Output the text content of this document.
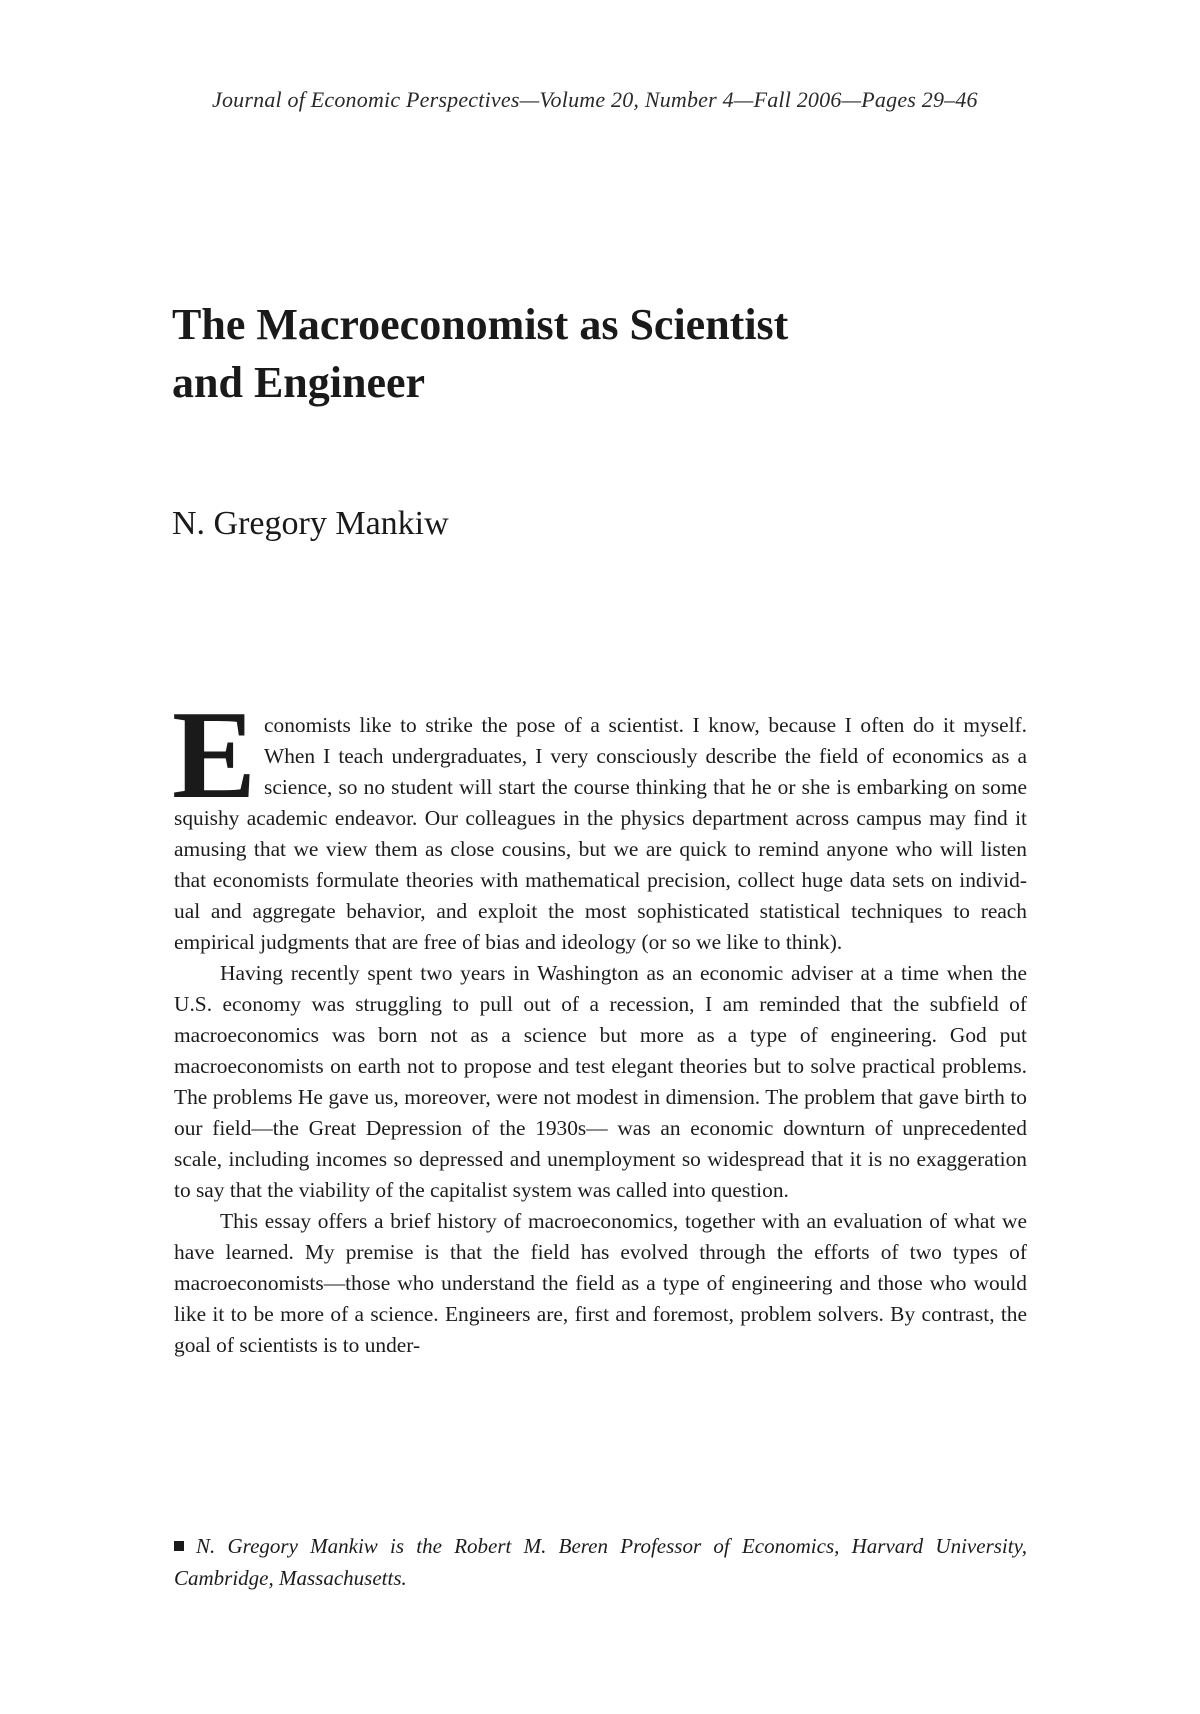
Journal of Economic Perspectives—Volume 20, Number 4—Fall 2006—Pages 29–46
The Macroeconomist as Scientist
and Engineer
N. Gregory Mankiw

Economists like to strike the pose of a scientist. I know, because I often do it myself. When I teach undergraduates, I very consciously describe the field of economics as a science, so no student will start the course thinking that he or she is embarking on some squishy academic endeavor. Our colleagues in the physics department across campus may find it amusing that we view them as close cousins, but we are quick to remind anyone who will listen that economists formulate theories with mathematical precision, collect huge data sets on individual and aggregate behavior, and exploit the most sophisticated statistical techniques to reach empirical judgments that are free of bias and ideology (or so we like to think).

Having recently spent two years in Washington as an economic adviser at a time when the U.S. economy was struggling to pull out of a recession, I am reminded that the subfield of macroeconomics was born not as a science but more as a type of engineering. God put macroeconomists on earth not to propose and test elegant theories but to solve practical problems. The problems He gave us, moreover, were not modest in dimension. The problem that gave birth to our field—the Great Depression of the 1930s— was an economic downturn of unprecedented scale, including incomes so depressed and unemployment so widespread that it is no exaggeration to say that the viability of the capitalist system was called into question.

This essay offers a brief history of macroeconomics, together with an evaluation of what we have learned. My premise is that the field has evolved through the efforts of two types of macroeconomists—those who understand the field as a type of engineering and those who would like it to be more of a science. Engineers are, first and foremost, problem solvers. By contrast, the goal of scientists is to under-

N. Gregory Mankiw is the Robert M. Beren Professor of Economics, Harvard University, Cambridge, Massachusetts.
